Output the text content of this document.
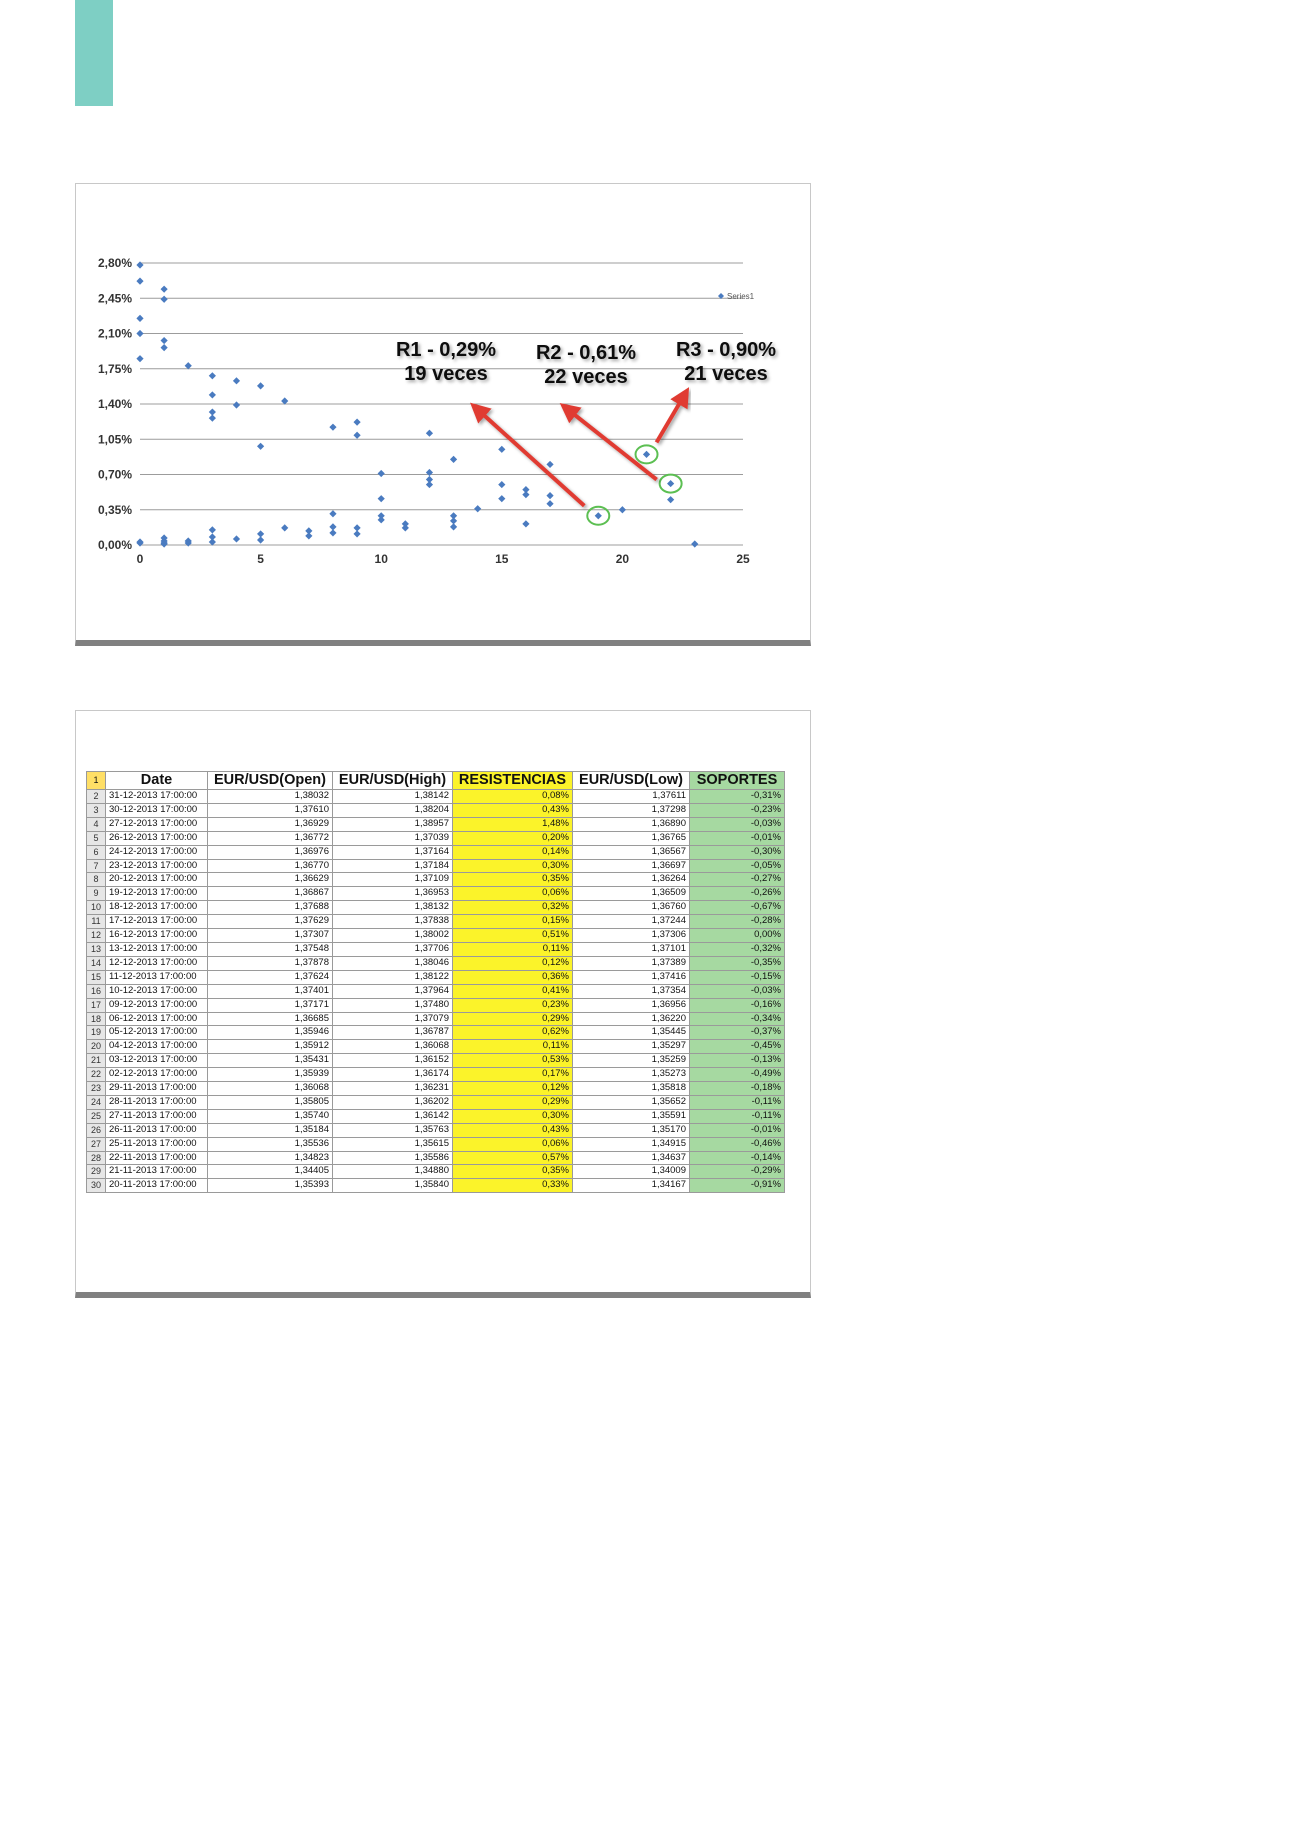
0,00%
0,35%
0,70%
1,05%
1,40%
1,75%
2,10%
2,45%
2,80%
0	5	10	15	20	25
Series1
R1 - 0,29%
19 veces
R2 - 0,61%
22 veces
R3 - 0,90%
21 veces
1	Date	EUR/USD(Open)	EUR/USD(High)	RESISTENCIAS	EUR/USD(Low)	SOPORTES
2	31-12-2013 17:00:00	1,38032	1,38142	0,08%	1,37611	-0,31%
3	30-12-2013 17:00:00	1,37610	1,38204	0,43%	1,37298	-0,23%
4	27-12-2013 17:00:00	1,36929	1,38957	1,48%	1,36890	-0,03%
5	26-12-2013 17:00:00	1,36772	1,37039	0,20%	1,36765	-0,01%
6	24-12-2013 17:00:00	1,36976	1,37164	0,14%	1,36567	-0,30%
7	23-12-2013 17:00:00	1,36770	1,37184	0,30%	1,36697	-0,05%
8	20-12-2013 17:00:00	1,36629	1,37109	0,35%	1,36264	-0,27%
9	19-12-2013 17:00:00	1,36867	1,36953	0,06%	1,36509	-0,26%
10	18-12-2013 17:00:00	1,37688	1,38132	0,32%	1,36760	-0,67%
11	17-12-2013 17:00:00	1,37629	1,37838	0,15%	1,37244	-0,28%
12	16-12-2013 17:00:00	1,37307	1,38002	0,51%	1,37306	0,00%
13	13-12-2013 17:00:00	1,37548	1,37706	0,11%	1,37101	-0,32%
14	12-12-2013 17:00:00	1,37878	1,38046	0,12%	1,37389	-0,35%
15	11-12-2013 17:00:00	1,37624	1,38122	0,36%	1,37416	-0,15%
16	10-12-2013 17:00:00	1,37401	1,37964	0,41%	1,37354	-0,03%
17	09-12-2013 17:00:00	1,37171	1,37480	0,23%	1,36956	-0,16%
18	06-12-2013 17:00:00	1,36685	1,37079	0,29%	1,36220	-0,34%
19	05-12-2013 17:00:00	1,35946	1,36787	0,62%	1,35445	-0,37%
20	04-12-2013 17:00:00	1,35912	1,36068	0,11%	1,35297	-0,45%
21	03-12-2013 17:00:00	1,35431	1,36152	0,53%	1,35259	-0,13%
22	02-12-2013 17:00:00	1,35939	1,36174	0,17%	1,35273	-0,49%
23	29-11-2013 17:00:00	1,36068	1,36231	0,12%	1,35818	-0,18%
24	28-11-2013 17:00:00	1,35805	1,36202	0,29%	1,35652	-0,11%
25	27-11-2013 17:00:00	1,35740	1,36142	0,30%	1,35591	-0,11%
26	26-11-2013 17:00:00	1,35184	1,35763	0,43%	1,35170	-0,01%
27	25-11-2013 17:00:00	1,35536	1,35615	0,06%	1,34915	-0,46%
28	22-11-2013 17:00:00	1,34823	1,35586	0,57%	1,34637	-0,14%
29	21-11-2013 17:00:00	1,34405	1,34880	0,35%	1,34009	-0,29%
30	20-11-2013 17:00:00	1,35393	1,35840	0,33%	1,34167	-0,91%
